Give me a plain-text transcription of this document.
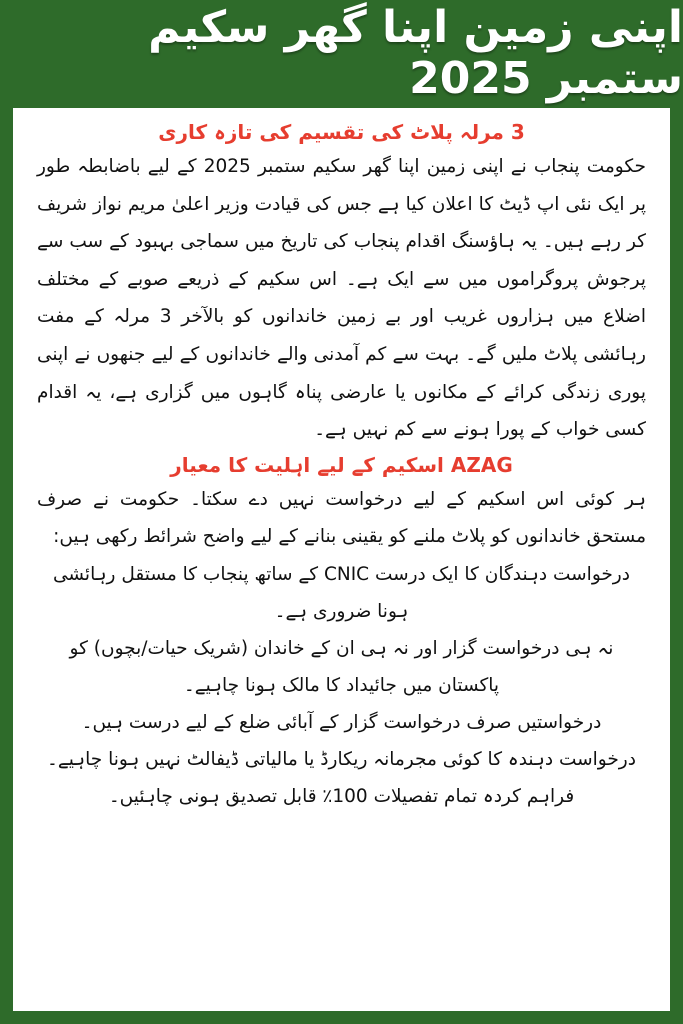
اپنی زمین اپنا گھر سکیم ستمبر 2025
3 مرلہ پلاٹ کی تقسیم کی تازہ کاری

حکومت پنجاب نے اپنی زمین اپنا گھر سکیم ستمبر 2025 کے لیے باضابطہ طور پر ایک نئی اپ ڈیٹ کا اعلان کیا ہے جس کی قیادت وزیر اعلیٰ مریم نواز شریف کر رہے ہیں۔ یہ ہاؤسنگ اقدام پنجاب کی تاریخ میں سماجی بہبود کے سب سے پرجوش پروگراموں میں سے ایک ہے۔ اس سکیم کے ذریعے صوبے کے مختلف اضلاع میں ہزاروں غریب اور بے زمین خاندانوں کو بالآخر 3 مرلہ کے مفت رہائشی پلاٹ ملیں گے۔ بہت سے کم آمدنی والے خاندانوں کے لیے جنھوں نے اپنی پوری زندگی کرائے کے مکانوں یا عارضی پناہ گاہوں میں گزاری ہے، یہ اقدام کسی خواب کے پورا ہونے سے کم نہیں ہے۔

AZAG اسکیم کے لیے اہلیت کا معیار

ہر کوئی اس اسکیم کے لیے درخواست نہیں دے سکتا۔ حکومت نے صرف مستحق خاندانوں کو پلاٹ ملنے کو یقینی بنانے کے لیے واضح شرائط رکھی ہیں:

درخواست دہندگان کا ایک درست CNIC کے ساتھ پنجاب کا مستقل رہائشی ہونا ضروری ہے۔

نہ ہی درخواست گزار اور نہ ہی ان کے خاندان (شریک حیات/بچوں) کو پاکستان میں جائیداد کا مالک ہونا چاہیے۔

درخواستیں صرف درخواست گزار کے آبائی ضلع کے لیے درست ہیں۔

درخواست دہندہ کا کوئی مجرمانہ ریکارڈ یا مالیاتی ڈیفالٹ نہیں ہونا چاہیے۔

فراہم کردہ تمام تفصیلات 100٪ قابل تصدیق ہونی چاہئیں۔
